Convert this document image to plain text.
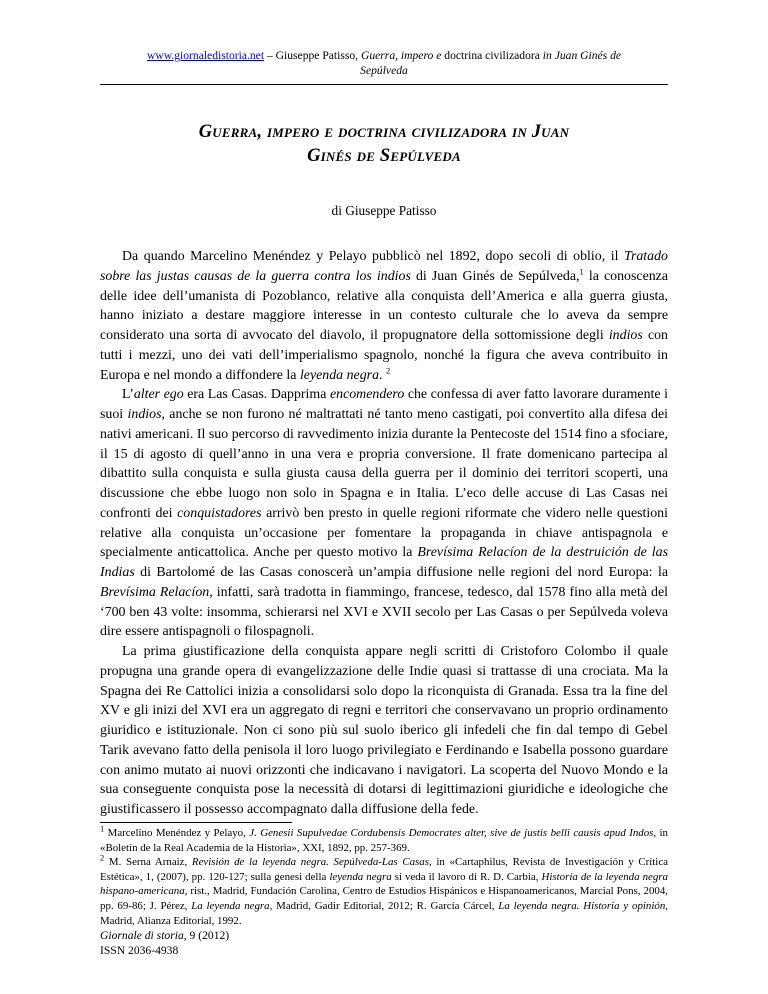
www.giornaledistoria.net – Giuseppe Patisso, Guerra, impero e doctrina civilizadora in Juan Ginés de
Sepúlveda
Guerra, impero e doctrina civilizadora in Juan
Ginés de Sepúlveda
di Giuseppe Patisso

Da quando Marcelino Menéndez y Pelayo pubblicò nel 1892, dopo secoli di oblio, il Tratado sobre las justas causas de la guerra contra los indios di Juan Ginés de Sepúlveda,$^1$ la conoscenza delle idee dell’umanista di Pozoblanco, relative alla conquista dell’America e alla guerra giusta, hanno iniziato a destare maggiore interesse in un contesto culturale che lo aveva da sempre considerato una sorta di avvocato del diavolo, il propugnatore della sottomissione degli indios con tutti i mezzi, uno dei vati dell’imperialismo spagnolo, nonché la figura che aveva contribuito in Europa e nel mondo a diffondere la leyenda negra. $^2$

L’alter ego era Las Casas. Dapprima encomendero che confessa di aver fatto lavorare duramente i suoi indios, anche se non furono né maltrattati né tanto meno castigati, poi convertito alla difesa dei nativi americani. Il suo percorso di ravvedimento inizia durante la Pentecoste del 1514 fino a sfociare, il 15 di agosto di quell’anno in una vera e propria conversione. Il frate domenicano partecipa al dibattito sulla conquista e sulla giusta causa della guerra per il dominio dei territori scoperti, una discussione che ebbe luogo non solo in Spagna e in Italia. L’eco delle accuse di Las Casas nei confronti dei conquistadores arrivò ben presto in quelle regioni riformate che videro nelle questioni relative alla conquista un’occasione per fomentare la propaganda in chiave antispagnola e specialmente anticattolica. Anche per questo motivo la Brevísima Relacíon de la destruición de las Indias di Bartolomé de las Casas conoscerà un’ampia diffusione nelle regioni del nord Europa: la Brevísima Relacíon, infatti, sarà tradotta in fiammingo, francese, tedesco, dal 1578 fino alla metà del ‘700 ben 43 volte: insomma, schierarsi nel XVI e XVII secolo per Las Casas o per Sepúlveda voleva dire essere antispagnoli o filospagnoli.

La prima giustificazione della conquista appare negli scritti di Cristoforo Colombo il quale propugna una grande opera di evangelizzazione delle Indie quasi si trattasse di una crociata. Ma la Spagna dei Re Cattolici inizia a consolidarsi solo dopo la riconquista di Granada. Essa tra la fine del XV e gli inizi del XVI era un aggregato di regni e territori che conservavano un proprio ordinamento giuridico e istituzionale. Non ci sono più sul suolo iberico gli infedeli che fin dal tempo di Gebel Tarik avevano fatto della penisola il loro luogo privilegiato e Ferdinando e Isabella possono guardare con animo mutato ai nuovi orizzonti che indicavano i navigatori. La scoperta del Nuovo Mondo e la sua conseguente conquista pose la necessità di dotarsi di legittimazioni giuridiche e ideologiche che giustificassero il possesso accompagnato dalla diffusione della fede.

$^1$ Marcelino Menéndez y Pelayo, J. Genesii Supulvedae Cordubensis Democrates alter, sive de justis belli causis apud Indos, in «Boletín de la Real Academia de la Historia», XXI, 1892, pp. 257-369.

$^2$ M. Serna Arnaiz, Revisión de la leyenda negra. Sepúlveda-Las Casas, in «Cartaphilus, Revista de Investigación y Crítica Estética», 1, (2007), pp. 120-127; sulla genesi della leyenda negra si veda il lavoro di R. D. Carbia, Historia de la leyenda negra hispano-americana, rist., Madrid, Fundación Carolina, Centro de Estudios Hispánicos e Hispanoamericanos, Marcial Pons, 2004, pp. 69-86; J. Pérez, La leyenda negra, Madrid, Gadir Editorial, 2012; R. García Cárcel, La leyenda negra. Historia y opinión, Madrid, Alianza Editorial, 1992.

Giornale di storia, 9 (2012)
ISSN 2036-4938
